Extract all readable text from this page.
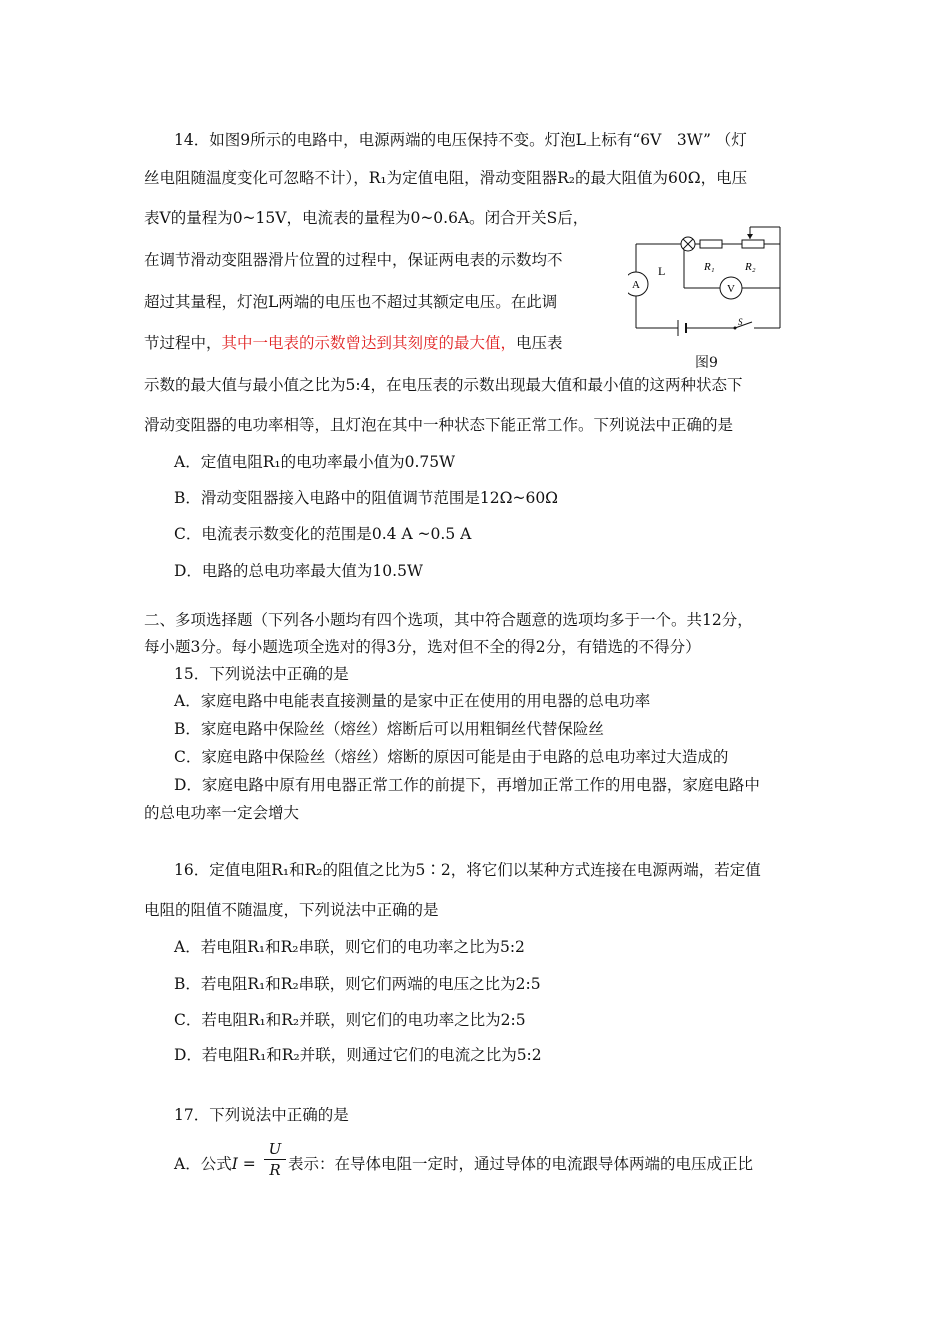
14．如图9所示的电路中，电源两端的电压保持不变。灯泡L上标有“6V　3W” （灯
丝电阻随温度变化可忽略不计），R₁为定值电阻，滑动变阻器R₂的最大阻值为60Ω，电压
表V的量程为0~15V，电流表的量程为0~0.6A。闭合开关S后，
在调节滑动变阻器滑片位置的过程中，保证两电表的示数均不
超过其量程，灯泡L两端的电压也不超过其额定电压。在此调
节过程中，其中一电表的示数曾达到其刻度的最大值，电压表
示数的最大值与最小值之比为5:4，在电压表的示数出现最大值和最小值的这两种状态下
滑动变阻器的电功率相等，且灯泡在其中一种状态下能正常工作。下列说法中正确的是
A．定值电阻R₁的电功率最小值为0.75W
B．滑动变阻器接入电路中的阻值调节范围是12Ω~60Ω
C．电流表示数变化的范围是0.4 A ~0.5 A
D．电路的总电功率最大值为10.5W
A
L	R₁	R₂
V
S
图9
二、多项选择题（下列各小题均有四个选项，其中符合题意的选项均多于一个。共12分，
每小题3分。每小题选项全选对的得3分，选对但不全的得2分，有错选的不得分）
15．下列说法中正确的是
A．家庭电路中电能表直接测量的是家中正在使用的用电器的总电功率
B．家庭电路中保险丝（熔丝）熔断后可以用粗铜丝代替保险丝
C．家庭电路中保险丝（熔丝）熔断的原因可能是由于电路的总电功率过大造成的
D．家庭电路中原有用电器正常工作的前提下，再增加正常工作的用电器，家庭电路中
的总电功率一定会增大
16．定值电阻R₁和R₂的阻值之比为5∶2，将它们以某种方式连接在电源两端，若定值
电阻的阻值不随温度，下列说法中正确的是
A．若电阻R₁和R₂串联，则它们的电功率之比为5:2
B．若电阻R₁和R₂串联，则它们两端的电压之比为2:5
C．若电阻R₁和R₂并联，则它们的电功率之比为2:5
D．若电阻R₁和R₂并联，则通过它们的电流之比为5:2
17．下列说法中正确的是
A．公式I =
U
R 表示：在导体电阻一定时，通过导体的电流跟导体两端的电压成正比
